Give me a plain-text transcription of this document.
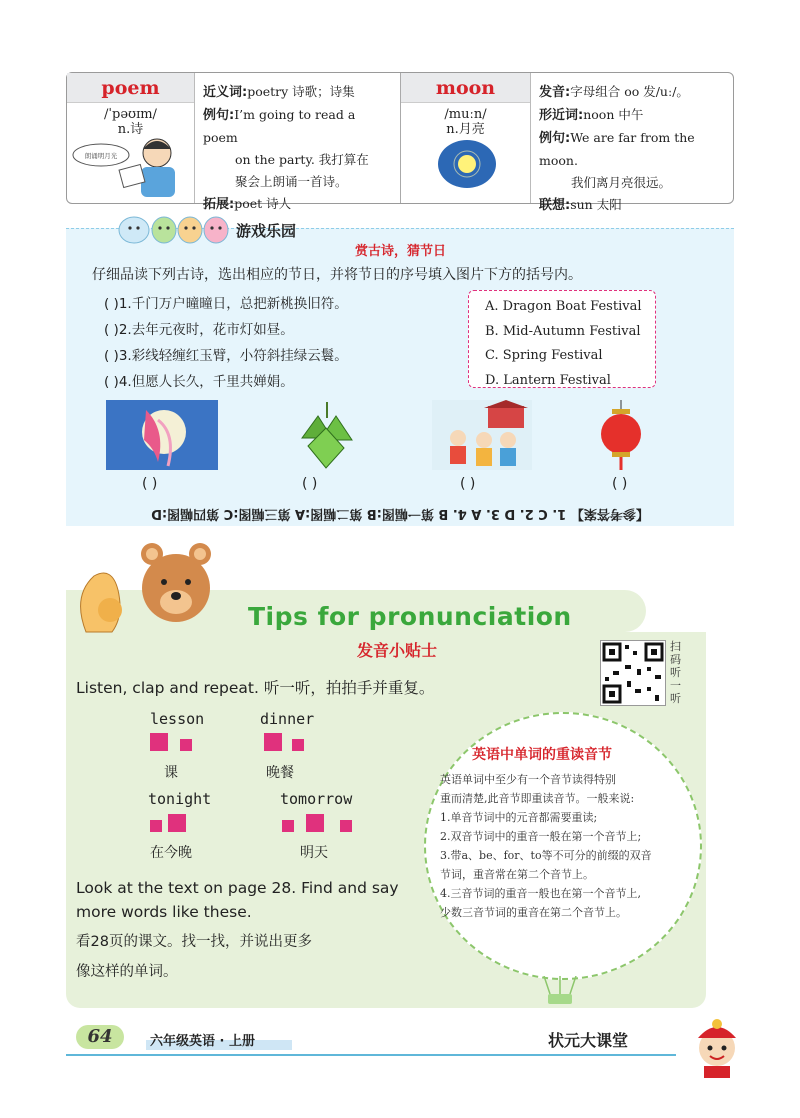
poem
/ˈpəʊɪm/
n.诗
朗诵明月光
近义词:poetry 诗歌；诗集
例句:I’m going to read a poem
on the party. 我打算在
聚会上朗诵一首诗。
拓展:poet 诗人
moon
/muːn/
n.月亮
发音:字母组合 oo 发/uː/。
形近词:noon 中午
例句:We are far from the moon.
我们离月亮很远。
联想:sun 太阳
游戏乐园
赏古诗，猜节日
仔细品读下列古诗，选出相应的节日，并将节日的序号填入图片下方的括号内。
( )1.千门万户曈曈日，总把新桃换旧符。
( )2.去年元夜时，花市灯如昼。
( )3.彩线轻缠红玉臂，小符斜挂绿云鬟。
( )4.但愿人长久，千里共婵娟。
A. Dragon Boat Festival
B. Mid-Autumn Festival
C. Spring Festival
D. Lantern Festival
( )	( )	( )	( )
【参考答案】 1. C 2. D 3. A 4. B 第一幅图:B 第二幅图:A 第三幅图:C 第四幅图:D
Tips for pronunciation
发音小贴士	扫码听一听
Listen, clap and repeat. 听一听，拍拍手并重复。
lesson
课
dinner
晚餐
tonight
在今晚
tomorrow
明天
Look at the text on page 28. Find and say
more words like these.
看28页的课文。找一找，并说出更多
像这样的单词。
英语中单词的重读音节
英语单词中至少有一个音节读得特别
重而清楚,此音节即重读音节。一般来说:
1.单音节词中的元音都需要重读;
2.双音节词中的重音一般在第一个音节上;
3.带a、be、for、to等不可分的前缀的双音
节词，重音常在第二个音节上。
4.三音节词的重音一般也在第一个音节上,
少数三音节词的重音在第二个音节上。
64	六年级英语 · 上册	状元大课堂
